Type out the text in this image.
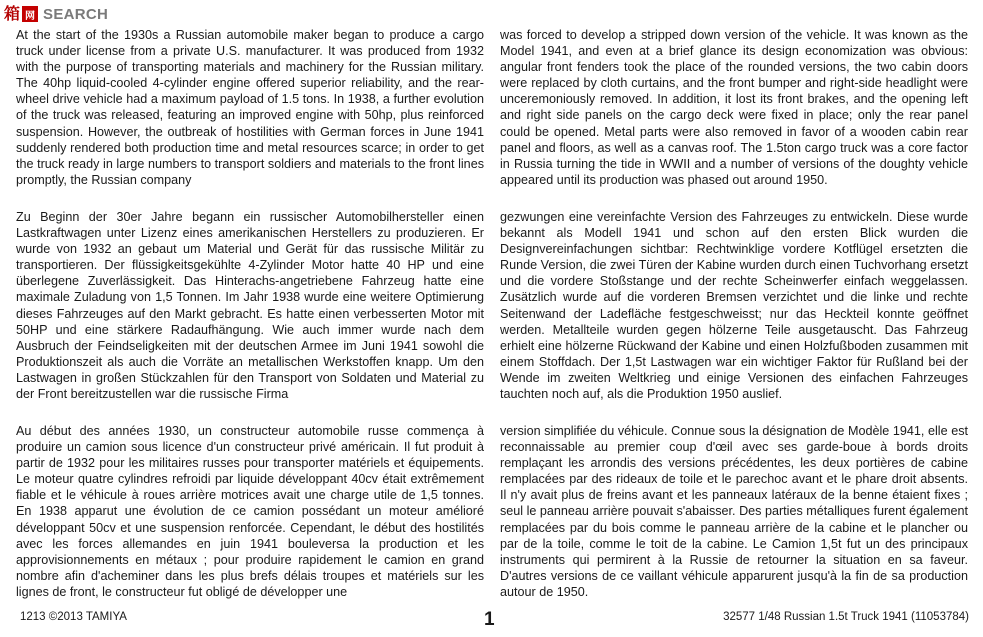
箱 网 SEARCH

At the start of the 1930s a Russian automobile maker began to produce a cargo truck under license from a private U.S. manufacturer. It was produced from 1932 with the purpose of transporting materials and machinery for the Russian military. The 40hp liquid-cooled 4-cylinder engine offered superior reliability, and the rear-wheel drive vehicle had a maximum payload of 1.5 tons. In 1938, a further evolution of the truck was released, featuring an improved engine with 50hp, plus reinforced suspension. However, the outbreak of hostilities with German forces in June 1941 suddenly rendered both production time and metal resources scarce; in order to get the truck ready in large numbers to transport soldiers and materials to the front lines promptly, the Russian company

was forced to develop a stripped down version of the vehicle. It was known as the Model 1941, and even at a brief glance its design economization was obvious: angular front fenders took the place of the rounded versions, the two cabin doors were replaced by cloth curtains, and the front bumper and right-side headlight were unceremoniously removed. In addition, it lost its front brakes, and the opening left and right side panels on the cargo deck were fixed in place; only the rear panel could be opened. Metal parts were also removed in favor of a wooden cabin rear panel and floors, as well as a canvas roof. The 1.5ton cargo truck was a core factor in Russia turning the tide in WWII and a number of versions of the doughty vehicle appeared until its production was phased out around 1950.

Zu Beginn der 30er Jahre begann ein russischer Automobilhersteller einen Lastkraftwagen unter Lizenz eines amerikanischen Herstellers zu produzieren. Er wurde von 1932 an gebaut um Material und Gerät für das russische Militär zu transportieren. Der flüssigkeitsgekühlte 4-Zylinder Motor hatte 40 HP und eine überlegene Zuverlässigkeit. Das Hinterachs-angetriebene Fahrzeug hatte eine maximale Zuladung von 1,5 Tonnen. Im Jahr 1938 wurde eine weitere Optimierung dieses Fahrzeuges auf den Markt gebracht. Es hatte einen verbesserten Motor mit 50HP und eine stärkere Radaufhängung. Wie auch immer wurde nach dem Ausbruch der Feindseligkeiten mit der deutschen Armee im Juni 1941 sowohl die Produktionszeit als auch die Vorräte an metallischen Werkstoffen knapp. Um den Lastwagen in großen Stückzahlen für den Transport von Soldaten und Material zu der Front bereitzustellen war die russische Firma

gezwungen eine vereinfachte Version des Fahrzeuges zu entwickeln. Diese wurde bekannt als Modell 1941 und schon auf den ersten Blick wurden die Designvereinfachungen sichtbar: Rechtwinklige vordere Kotflügel ersetzten die Runde Version, die zwei Türen der Kabine wurden durch einen Tuchvorhang ersetzt und die vordere Stoßstange und der rechte Scheinwerfer einfach weggelassen. Zusätzlich wurde auf die vorderen Bremsen verzichtet und die linke und rechte Seitenwand der Ladefläche festgeschweisst; nur das Heckteil konnte geöffnet werden. Metallteile wurden gegen hölzerne Teile ausgetauscht. Das Fahrzeug erhielt eine hölzerne Rückwand der Kabine und einen Holzfußboden zusammen mit einem Stoffdach. Der 1,5t Lastwagen war ein wichtiger Faktor für Rußland bei der Wende im zweiten Weltkrieg und einige Versionen des einfachen Fahrzeuges tauchten noch auf, als die Produktion 1950 auslief.

Au début des années 1930, un constructeur automobile russe commença à produire un camion sous licence d'un constructeur privé américain. Il fut produit à partir de 1932 pour les militaires russes pour transporter matériels et équipements. Le moteur quatre cylindres refroidi par liquide développant 40cv était extrêmement fiable et le véhicule à roues arrière motrices avait une charge utile de 1,5 tonnes. En 1938 apparut une évolution de ce camion possédant un moteur amélioré développant 50cv et une suspension renforcée. Cependant, le début des hostilités avec les forces allemandes en juin 1941 bouleversa la production et les approvisionnements en métaux ; pour produire rapidement le camion en grand nombre afin d'acheminer dans les plus brefs délais troupes et matériels sur les lignes de front, le constructeur fut obligé de développer une

version simplifiée du véhicule. Connue sous la désignation de Modèle 1941, elle est reconnaissable au premier coup d'œil avec ses garde-boue à bords droits remplaçant les arrondis des versions précédentes, les deux portières de cabine remplacées par des rideaux de toile et le parechoc avant et le phare droit absents. Il n'y avait plus de freins avant et les panneaux latéraux de la benne étaient fixes ; seul le panneau arrière pouvait s'abaisser. Des parties métalliques furent également remplacées par du bois comme le panneau arrière de la cabine et le plancher ou par de la toile, comme le toit de la cabine. Le Camion 1,5t fut un des principaux instruments qui permirent à la Russie de retourner la situation en sa faveur. D'autres versions de ce vaillant véhicule apparurent jusqu'à la fin de sa production autour de 1950.

1213 ©2013 TAMIYA	1	32577 1/48 Russian 1.5t Truck 1941 (11053784)
